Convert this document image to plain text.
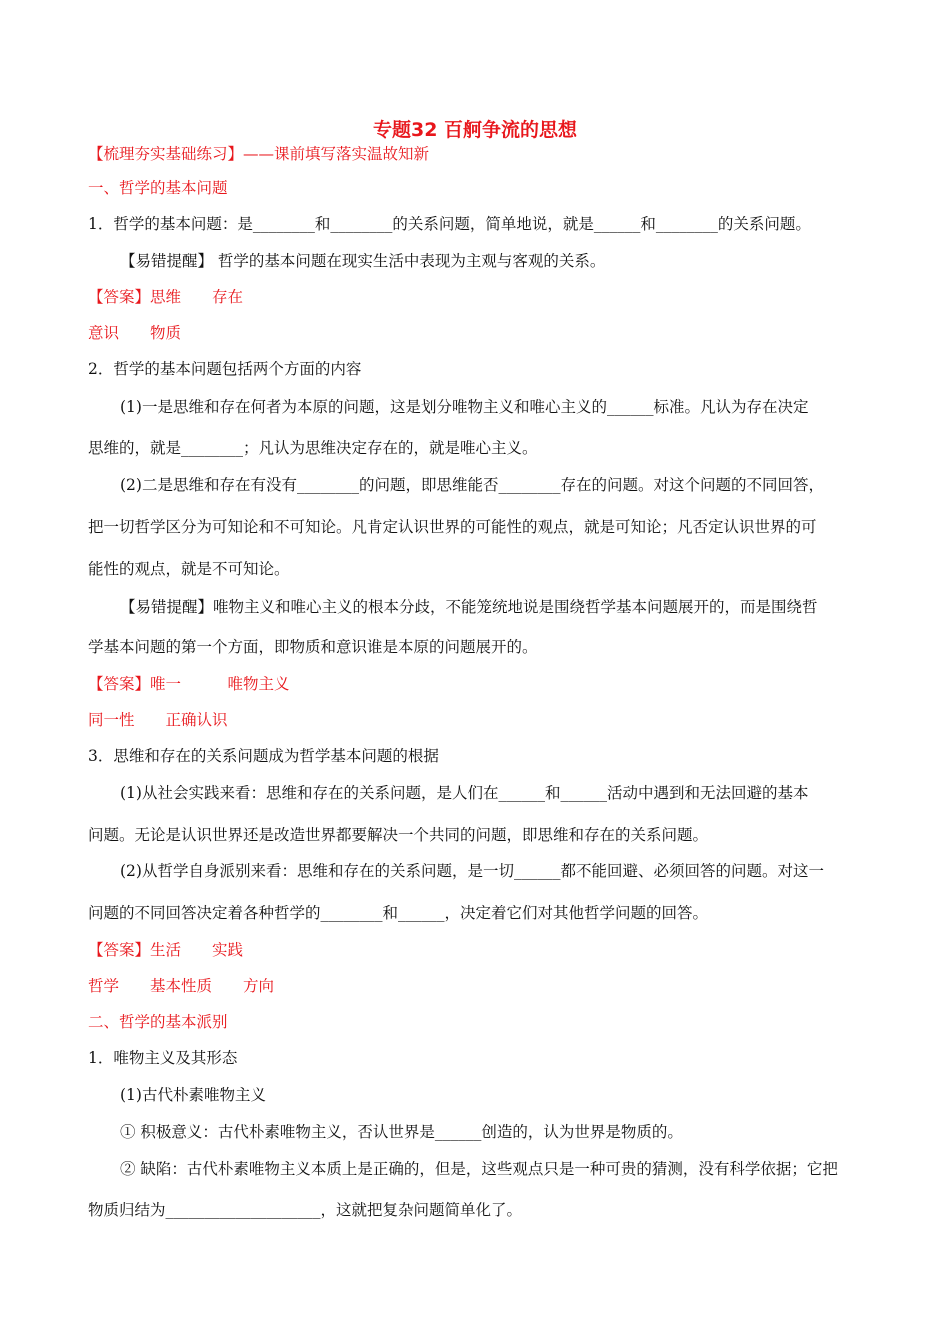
专题32 百舸争流的思想
【梳理夯实基础练习】——课前填写落实温故知新
一、哲学的基本问题
1．哲学的基本问题：是________和________的关系问题，简单地说，就是______和________的关系问题。
【易错提醒】 哲学的基本问题在现实生活中表现为主观与客观的关系。
【答案】思维　　存在
意识　　物质
2．哲学的基本问题包括两个方面的内容
(1)一是思维和存在何者为本原的问题，这是划分唯物主义和唯心主义的______标准。凡认为存在决定
思维的，就是________；凡认为思维决定存在的，就是唯心主义。
(2)二是思维和存在有没有________的问题，即思维能否________存在的问题。对这个问题的不同回答，
把一切哲学区分为可知论和不可知论。凡肯定认识世界的可能性的观点，就是可知论；凡否定认识世界的可
能性的观点，就是不可知论。
【易错提醒】唯物主义和唯心主义的根本分歧，不能笼统地说是围绕哲学基本问题展开的，而是围绕哲
学基本问题的第一个方面，即物质和意识谁是本原的问题展开的。
【答案】唯一　　　唯物主义
同一性　　正确认识
3．思维和存在的关系问题成为哲学基本问题的根据
(1)从社会实践来看：思维和存在的关系问题，是人们在______和______活动中遇到和无法回避的基本
问题。无论是认识世界还是改造世界都要解决一个共同的问题，即思维和存在的关系问题。
(2)从哲学自身派别来看：思维和存在的关系问题，是一切______都不能回避、必须回答的问题。对这一
问题的不同回答决定着各种哲学的________和______，决定着它们对其他哲学问题的回答。
【答案】生活　　实践
哲学　　基本性质　　方向
二、哲学的基本派别
1．唯物主义及其形态
(1)古代朴素唯物主义
① 积极意义：古代朴素唯物主义，否认世界是______创造的，认为世界是物质的。
② 缺陷：古代朴素唯物主义本质上是正确的，但是，这些观点只是一种可贵的猜测，没有科学依据；它把
物质归结为____________________，这就把复杂问题简单化了。
